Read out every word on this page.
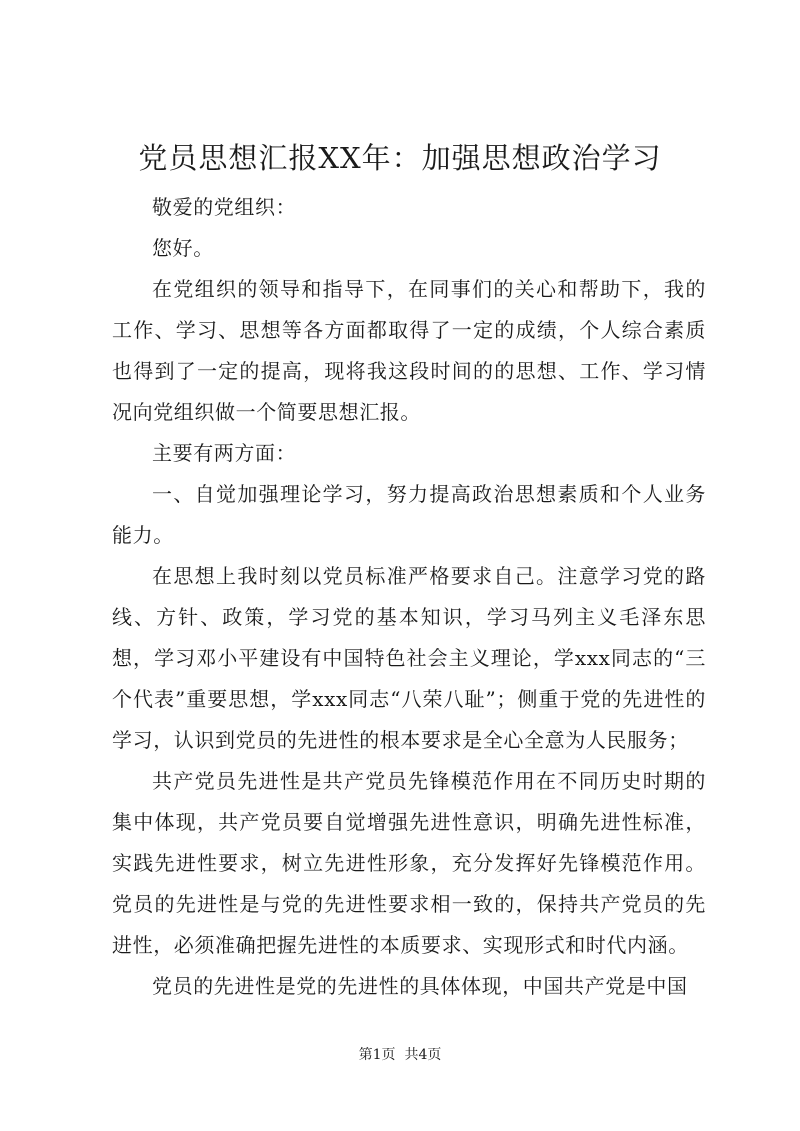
党员思想汇报XX年：加强思想政治学习

敬爱的党组织：

您好。

在党组织的领导和指导下，在同事们的关心和帮助下，我的工作、学习、思想等各方面都取得了一定的成绩，个人综合素质也得到了一定的提高，现将我这段时间的的思想、工作、学习情况向党组织做一个简要思想汇报。

主要有两方面：

一、自觉加强理论学习，努力提高政治思想素质和个人业务能力。

在思想上我时刻以党员标准严格要求自己。注意学习党的路线、方针、政策，学习党的基本知识，学习马列主义毛泽东思想，学习邓小平建设有中国特色社会主义理论，学xxx同志的“三个代表”重要思想，学xxx同志“八荣八耻”；侧重于党的先进性的学习，认识到党员的先进性的根本要求是全心全意为人民服务；

共产党员先进性是共产党员先锋模范作用在不同历史时期的集中体现，共产党员要自觉增强先进性意识，明确先进性标准，实践先进性要求，树立先进性形象，充分发挥好先锋模范作用。党员的先进性是与党的先进性要求相一致的，保持共产党员的先进性，必须准确把握先进性的本质要求、实现形式和时代内涵。

党员的先进性是党的先进性的具体体现，中国共产党是中国

第1页  共4页
